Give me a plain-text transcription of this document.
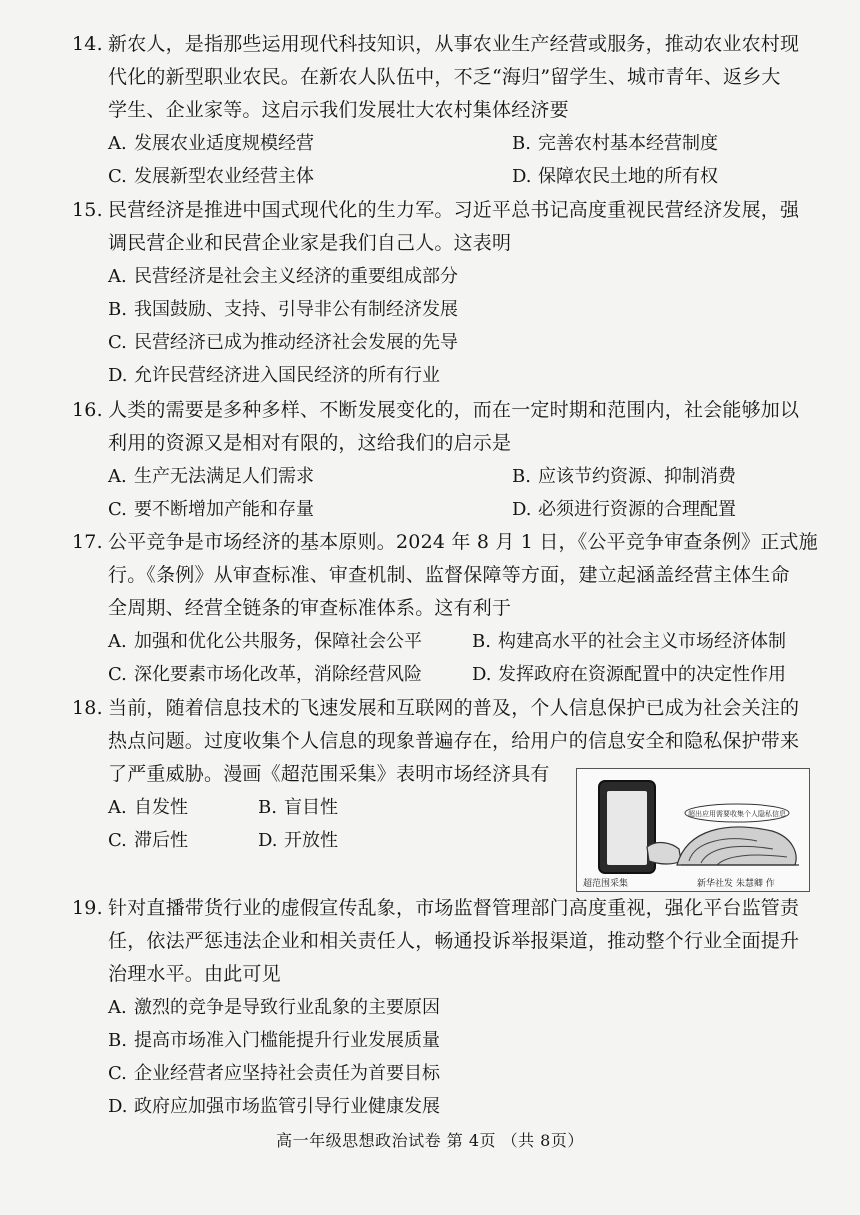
14. 新农人，是指那些运用现代科技知识，从事农业生产经营或服务，推动农业农村现
代化的新型职业农民。在新农人队伍中，不乏“海归”留学生、城市青年、返乡大
学生、企业家等。这启示我们发展壮大农村集体经济要
A. 发展农业适度规模经营	B. 完善农村基本经营制度
C. 发展新型农业经营主体	D. 保障农民土地的所有权
15. 民营经济是推进中国式现代化的生力军。习近平总书记高度重视民营经济发展，强
调民营企业和民营企业家是我们自己人。这表明
A. 民营经济是社会主义经济的重要组成部分
B. 我国鼓励、支持、引导非公有制经济发展
C. 民营经济已成为推动经济社会发展的先导
D. 允许民营经济进入国民经济的所有行业
16. 人类的需要是多种多样、不断发展变化的，而在一定时期和范围内，社会能够加以
利用的资源又是相对有限的，这给我们的启示是
A. 生产无法满足人们需求	B. 应该节约资源、抑制消费
C. 要不断增加产能和存量	D. 必须进行资源的合理配置
17. 公平竞争是市场经济的基本原则。2024 年 8 月 1 日，《公平竞争审查条例》正式施
行。《条例》从审查标准、审查机制、监督保障等方面，建立起涵盖经营主体生命
全周期、经营全链条的审查标准体系。这有利于
A. 加强和优化公共服务，保障社会公平	B. 构建高水平的社会主义市场经济体制
C. 深化要素市场化改革，消除经营风险	D. 发挥政府在资源配置中的决定性作用
18. 当前，随着信息技术的飞速发展和互联网的普及，个人信息保护已成为社会关注的
热点问题。过度收集个人信息的现象普遍存在，给用户的信息安全和隐私保护带来
了严重威胁。漫画《超范围采集》表明市场经济具有
A. 自发性	B. 盲目性
C. 滞后性	D. 开放性
超出应用需要收集个人隐私信息
超范围采集	新华社发 朱慧卿 作
19. 针对直播带货行业的虚假宣传乱象，市场监督管理部门高度重视，强化平台监管责
任，依法严惩违法企业和相关责任人，畅通投诉举报渠道，推动整个行业全面提升
治理水平。由此可见
A. 激烈的竞争是导致行业乱象的主要原因
B. 提高市场准入门槛能提升行业发展质量
C. 企业经营者应坚持社会责任为首要目标
D. 政府应加强市场监管引导行业健康发展
高一年级思想政治试卷 第 4页 （共 8页）
